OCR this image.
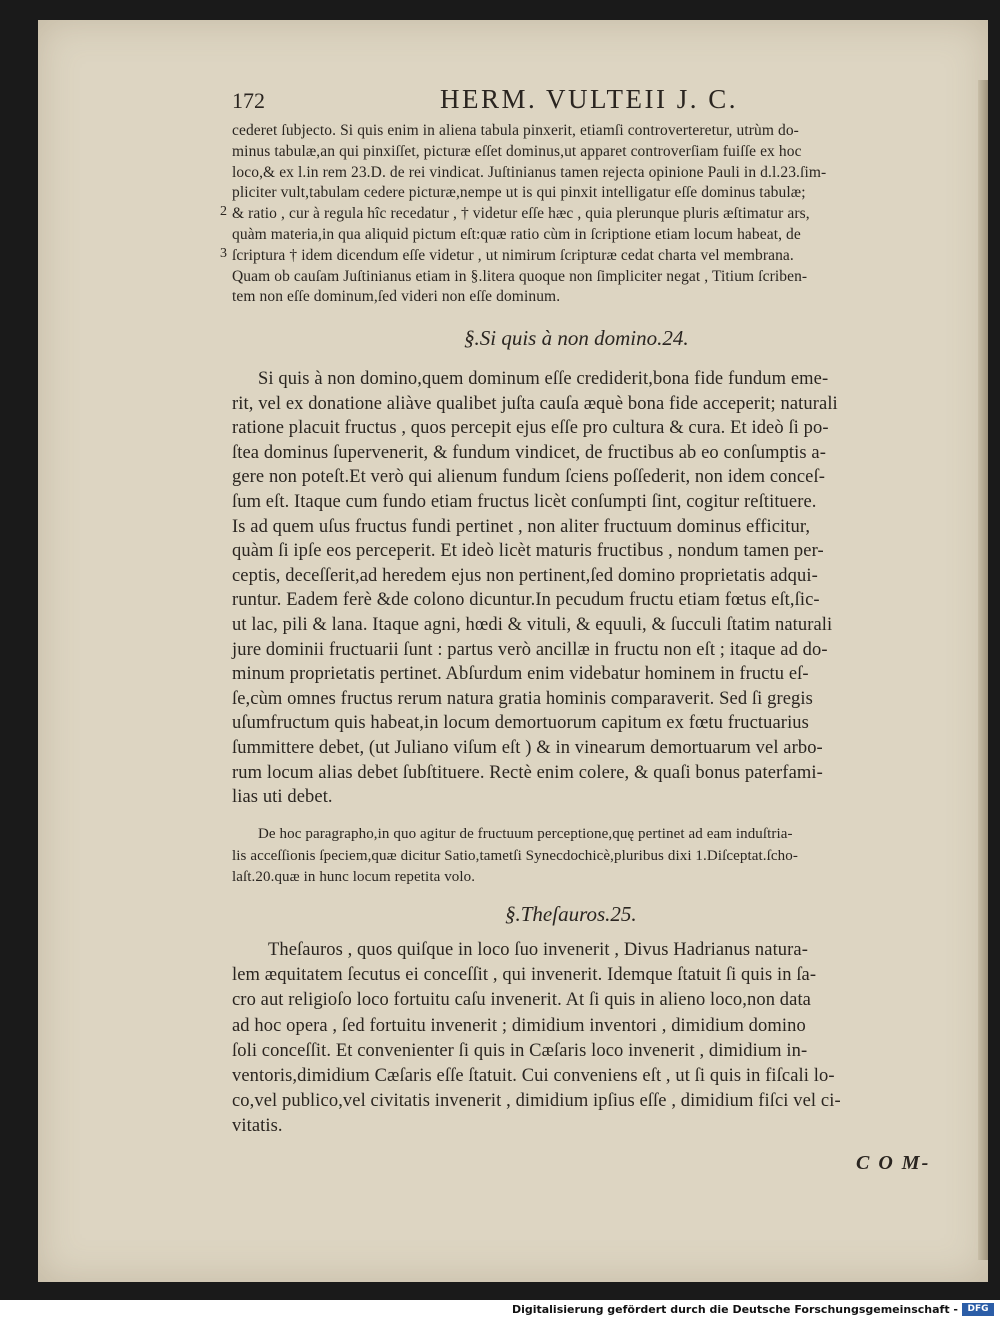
172	HERM. VULTEII J. C.
cederet ſubjecto. Si quis enim in aliena tabula pinxerit, etiamſi controverteretur, utrùm do-
minus tabulæ,an qui pinxiſſet, picturæ eſſet dominus,ut apparet controverſiam fuiſſe ex hoc
loco,& ex l.in rem 23.D. de rei vindicat. Juſtinianus tamen rejecta opinione Pauli in d.l.23.ſim-
pliciter vult,tabulam cedere picturæ,nempe ut is qui pinxit intelligatur eſſe dominus tabulæ;
& ratio , cur à regula hîc recedatur , † videtur eſſe hæc , quia plerunque pluris æſtimatur ars,
quàm materia,in qua aliquid pictum eſt:quæ ratio cùm in ſcriptione etiam locum habeat, de
ſcriptura † idem dicendum eſſe videtur , ut nimirum ſcripturæ cedat charta vel membrana.
Quam ob cauſam Juſtinianus etiam in §.litera quoque non ſimpliciter negat , Titium ſcriben-
tem non eſſe dominum,ſed videri non eſſe dominum.
2
3
§.Si quis à non domino.24.
Si quis à non domino,quem dominum eſſe crediderit,bona fide fundum eme-
rit, vel ex donatione aliàve qualibet juſta cauſa æquè bona fide acceperit; naturali
ratione placuit fructus , quos percepit ejus eſſe pro cultura & cura. Et ideò ſi po-
ſtea dominus ſupervenerit, & fundum vindicet, de fructibus ab eo conſumptis a-
gere non poteſt.Et verò qui alienum fundum ſciens poſſederit, non idem conceſ-
ſum eſt. Itaque cum fundo etiam fructus licèt conſumpti ſint, cogitur reſtituere.
Is ad quem uſus fructus fundi pertinet , non aliter fructuum dominus efficitur,
quàm ſi ipſe eos perceperit. Et ideò licèt maturis fructibus , nondum tamen per-
ceptis, deceſſerit,ad heredem ejus non pertinent,ſed domino proprietatis adqui-
runtur. Eadem ferè &de colono dicuntur.In pecudum fructu etiam fœtus eſt,ſic-
ut lac, pili & lana. Itaque agni, hœdi & vituli, & equuli, & ſucculi ſtatim naturali
jure dominii fructuarii ſunt : partus verò ancillæ in fructu non eſt ; itaque ad do-
minum proprietatis pertinet. Abſurdum enim videbatur hominem in fructu eſ-
ſe,cùm omnes fructus rerum natura gratia hominis comparaverit. Sed ſi gregis
uſumfructum quis habeat,in locum demortuorum capitum ex fœtu fructuarius
ſummittere debet, (ut Juliano viſum eſt ) & in vinearum demortuarum vel arbo-
rum locum alias debet ſubſtituere. Rectè enim colere, & quaſi bonus paterfami-
lias uti debet.
De hoc paragrapho,in quo agitur de fructuum perceptione,quę pertinet ad eam induſtria-
lis acceſſionis ſpeciem,quæ dicitur Satio,tametſi Synecdochicè,pluribus dixi 1.Diſceptat.ſcho-
laſt.20.quæ in hunc locum repetita volo.
§.Theſauros.25.
Theſauros , quos quiſque in loco ſuo invenerit , Divus Hadrianus natura-
lem æquitatem ſecutus ei conceſſit , qui invenerit. Idemque ſtatuit ſi quis in ſa-
cro aut religioſo loco fortuitu caſu invenerit. At ſi quis in alieno loco,non data
ad hoc opera , ſed fortuitu invenerit ; dimidium inventori , dimidium domino
ſoli conceſſit. Et convenienter ſi quis in Cæſaris loco invenerit , dimidium in-
ventoris,dimidium Cæſaris eſſe ſtatuit. Cui conveniens eſt , ut ſi quis in fiſcali lo-
co,vel publico,vel civitatis invenerit , dimidium ipſius eſſe , dimidium fiſci vel ci-
vitatis.
C O M-
Digitalisierung gefördert durch die Deutsche Forschungsgemeinschaft -	DFG
